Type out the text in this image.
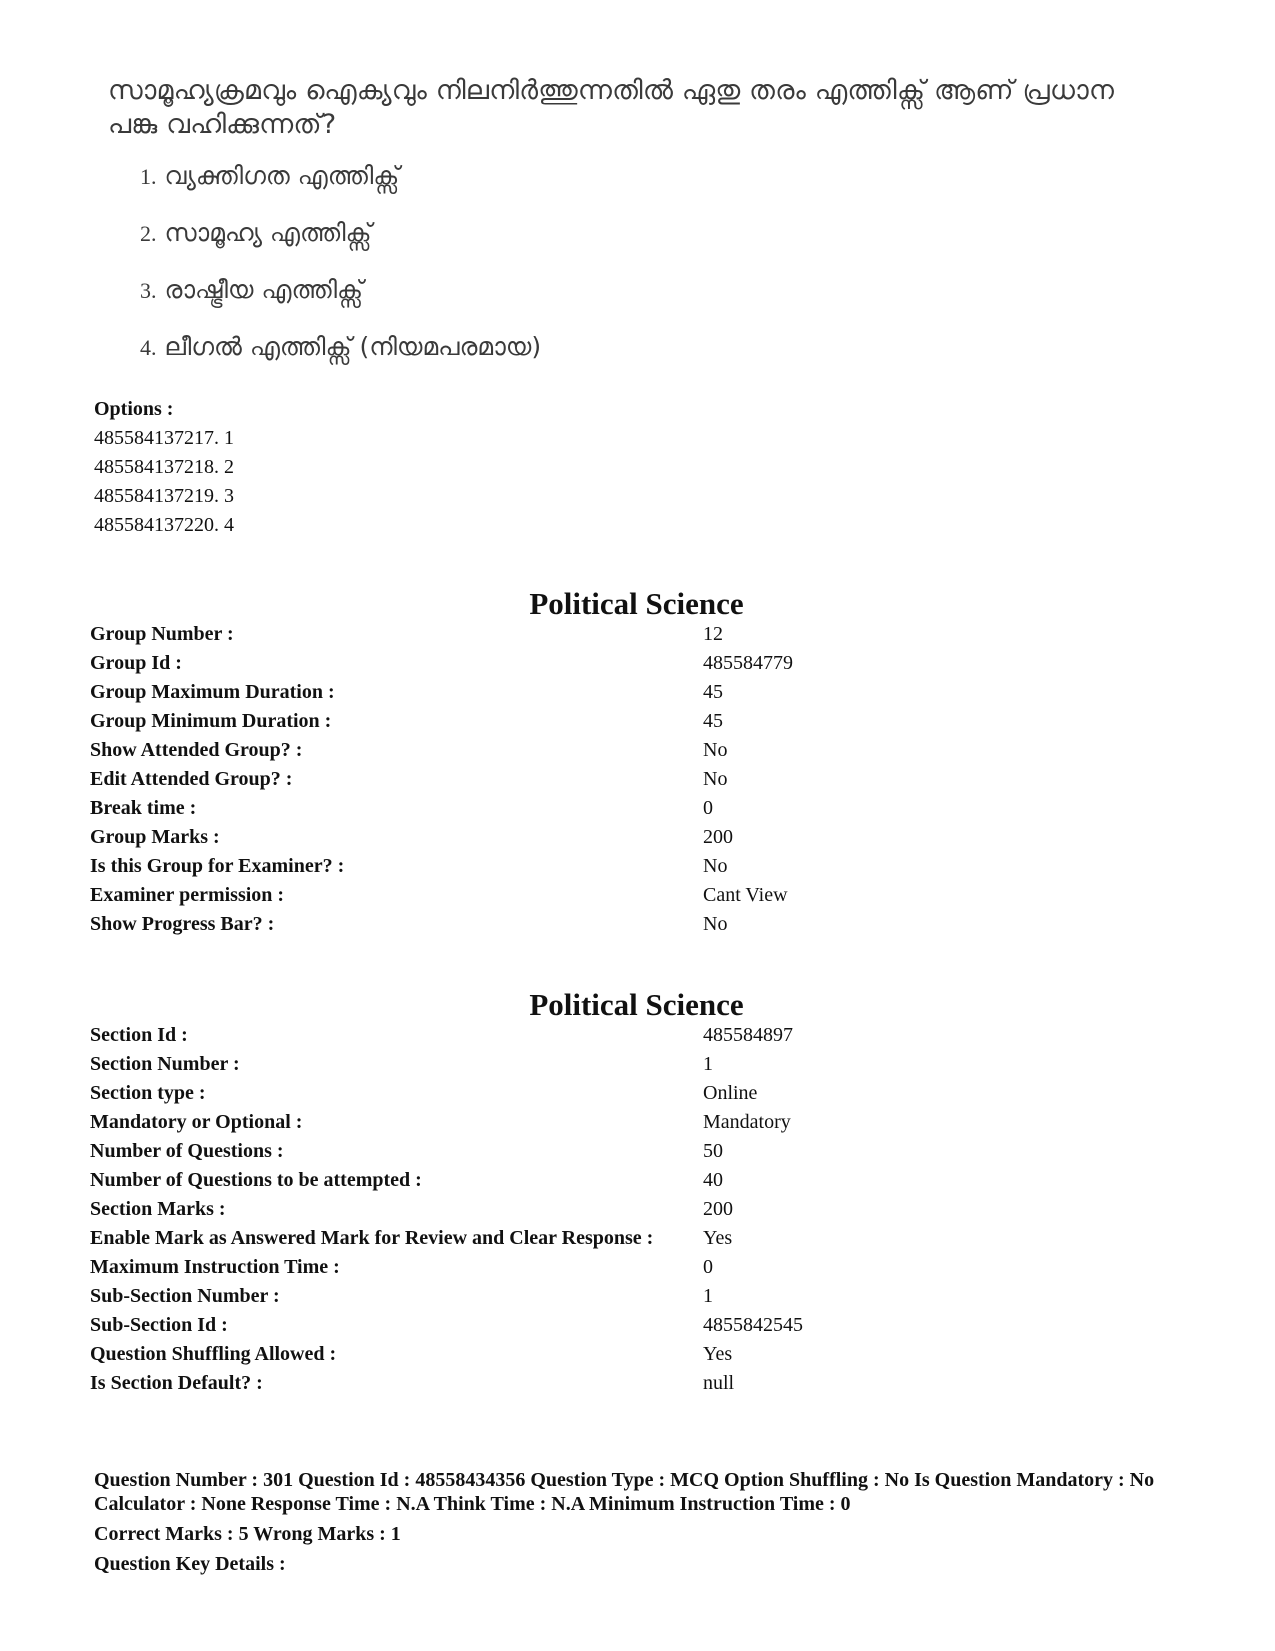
സാമൂഹ്യക്രമവും ഐക്യവും നിലനിർത്തുന്നതിൽ ഏതു തരം എത്തിക്സ് ആണ് പ്രധാന പങ്കു വഹിക്കുന്നത്?

1. വ്യക്തിഗത എത്തിക്സ്
2. സാമൂഹ്യ എത്തിക്സ്
3. രാഷ്ട്രീയ എത്തിക്സ്
4. ലീഗൽ എത്തിക്സ് (നിയമപരമായ)
Options :
485584137217. 1
485584137218. 2
485584137219. 3
485584137220. 4
Political Science
Group Number :	12
Group Id :	485584779
Group Maximum Duration :	45
Group Minimum Duration :	45
Show Attended Group? :	No
Edit Attended Group? :	No
Break time :	0
Group Marks :	200
Is this Group for Examiner? :	No
Examiner permission :	Cant View
Show Progress Bar? :	No
Political Science
Section Id :	485584897
Section Number :	1
Section type :	Online
Mandatory or Optional :	Mandatory
Number of Questions :	50
Number of Questions to be attempted :	40
Section Marks :	200
Enable Mark as Answered Mark for Review and Clear Response :	Yes
Maximum Instruction Time :	0
Sub-Section Number :	1
Sub-Section Id :	4855842545
Question Shuffling Allowed :	Yes
Is Section Default? :	null

Question Number : 301 Question Id : 48558434356 Question Type : MCQ Option Shuffling : No Is Question Mandatory : No Calculator : None Response Time : N.A Think Time : N.A Minimum Instruction Time : 0

Correct Marks : 5 Wrong Marks : 1

Question Key Details :
